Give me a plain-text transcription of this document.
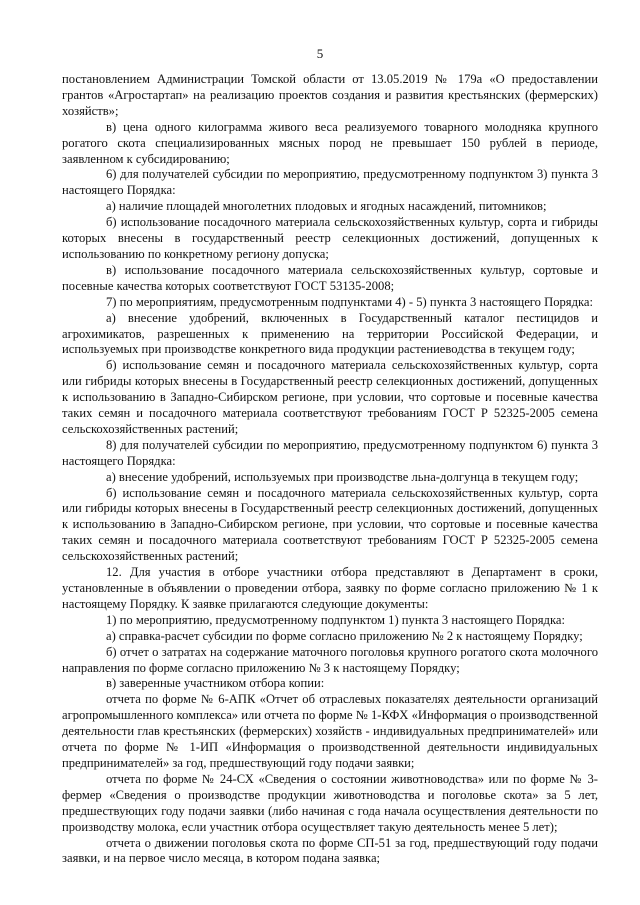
5

постановлением Администрации Томской области от 13.05.2019 № 179а «О предоставлении грантов «Агростартап» на реализацию проектов создания и развития крестьянских (фермерских) хозяйств»;

в) цена одного килограмма живого веса реализуемого товарного молодняка крупного рогатого скота специализированных мясных пород не превышает 150 рублей в периоде, заявленном к субсидированию;

6) для получателей субсидии по мероприятию, предусмотренному подпунктом 3) пункта 3 настоящего Порядка:

а) наличие площадей многолетних плодовых и ягодных насаждений, питомников;

б) использование посадочного материала сельскохозяйственных культур, сорта и гибриды которых внесены в государственный реестр селекционных достижений, допущенных к использованию по конкретному региону допуска;

в) использование посадочного материала сельскохозяйственных культур, сортовые и посевные качества которых соответствуют ГОСТ 53135-2008;

7) по мероприятиям, предусмотренным подпунктами 4) - 5) пункта 3 настоящего Порядка:

а) внесение удобрений, включенных в Государственный каталог пестицидов и агрохимикатов, разрешенных к применению на территории Российской Федерации, и используемых при производстве конкретного вида продукции растениеводства в текущем году;

б) использование семян и посадочного материала сельскохозяйственных культур, сорта или гибриды которых внесены в Государственный реестр селекционных достижений, допущенных к использованию в Западно-Сибирском регионе, при условии, что сортовые и посевные качества таких семян и посадочного материала соответствуют требованиям ГОСТ Р 52325-2005 семена сельскохозяйственных растений;

8) для получателей субсидии по мероприятию, предусмотренному подпунктом 6) пункта 3 настоящего Порядка:

а) внесение удобрений, используемых при производстве льна-долгунца в текущем году;

б) использование семян и посадочного материала сельскохозяйственных культур, сорта или гибриды которых внесены в Государственный реестр селекционных достижений, допущенных к использованию в Западно-Сибирском регионе, при условии, что сортовые и посевные качества таких семян и посадочного материала соответствуют требованиям ГОСТ Р 52325-2005 семена сельскохозяйственных растений;

12. Для участия в отборе участники отбора представляют в Департамент в сроки, установленные в объявлении о проведении отбора, заявку по форме согласно приложению № 1 к настоящему Порядку. К заявке прилагаются следующие документы:

1) по мероприятию, предусмотренному подпунктом 1) пункта 3 настоящего Порядка:

а) справка-расчет субсидии по форме согласно приложению № 2 к настоящему Порядку;

б) отчет о затратах на содержание маточного поголовья крупного рогатого скота молочного направления по форме согласно приложению № 3 к настоящему Порядку;

в) заверенные участником отбора копии:

отчета по форме № 6-АПК «Отчет об отраслевых показателях деятельности организаций агропромышленного комплекса» или отчета по форме № 1-КФХ «Информация о производственной деятельности глав крестьянских (фермерских) хозяйств - индивидуальных предпринимателей» или отчета по форме № 1-ИП «Информация о производственной деятельности индивидуальных предпринимателей» за год, предшествующий году подачи заявки;

отчета по форме № 24-СХ «Сведения о состоянии животноводства» или по форме № 3-фермер «Сведения о производстве продукции животноводства и поголовье скота» за 5 лет, предшествующих году подачи заявки (либо начиная с года начала осуществления деятельности по производству молока, если участник отбора осуществляет такую деятельность менее 5 лет);

отчета о движении поголовья скота по форме СП-51 за год, предшествующий году подачи заявки, и на первое число месяца, в котором подана заявка;
